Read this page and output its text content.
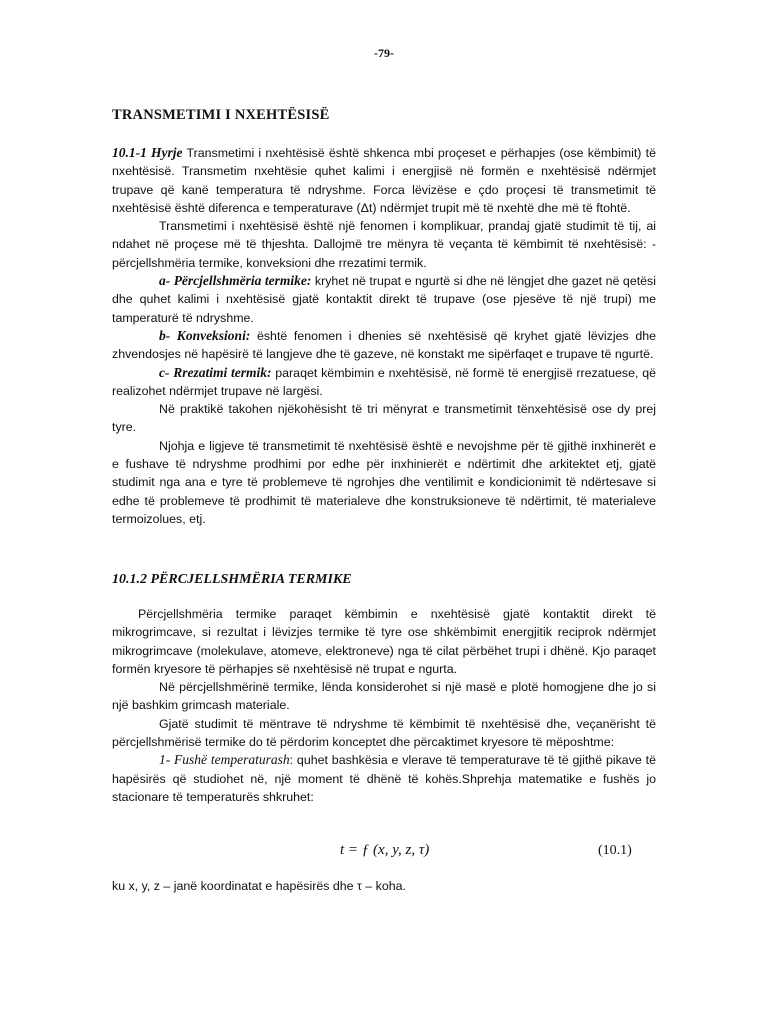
-79-
TRANSMETIMI I NXEHTËSISË

10.1-1 Hyrje Transmetimi i nxehtësisë është shkenca mbi proçeset e përhapjes (ose këmbimit) të nxehtësisë. Transmetim nxehtësie quhet kalimi i energjisë në formën e nxehtësisë ndërmjet trupave që kanë temperatura të ndryshme. Forca lëvizëse e çdo proçesi të transmetimit të nxehtësisë është diferenca e temperaturave (Δt) ndërmjet trupit më të nxehtë dhe më të ftohtë.

Transmetimi i nxehtësisë është një fenomen i komplikuar, prandaj gjatë studimit të tij, ai ndahet në proçese më të thjeshta. Dallojmë tre mënyra të veçanta të këmbimit të nxehtësisë: - përcjellshmëria termike, konveksioni dhe rrezatimi termik.

a- Përcjellshmëria termike: kryhet në trupat e ngurtë si dhe në lëngjet dhe gazet në qetësi dhe quhet kalimi i nxehtësisë gjatë kontaktit direkt të trupave (ose pjesëve të një trupi) me tamperaturë të ndryshme.

b- Konveksioni: është fenomen i dhenies së nxehtësisë që kryhet gjatë lëvizjes dhe zhvendosjes në hapësirë të langjeve dhe të gazeve, në konstakt me sipërfaqet e trupave të ngurtë.

c- Rrezatimi termik: paraqet këmbimin e nxehtësisë, në formë të energjisë rrezatuese, që realizohet ndërmjet trupave në largësi.

Në praktikë takohen njëkohësisht të tri mënyrat e transmetimit tënxehtësisë ose dy prej tyre.

Njohja e ligjeve të transmetimit të nxehtësisë është e nevojshme për të gjithë inxhinerët e e fushave të ndryshme prodhimi por edhe për inxhinierët e ndërtimit dhe arkitektet etj, gjatë studimit nga ana e tyre të problemeve të ngrohjes dhe ventilimit e kondicionimit të ndërtesave si edhe të problemeve të prodhimit të materialeve dhe konstruksioneve të ndërtimit, të materialeve termoizolues, etj.

10.1.2 PËRCJELLSHMËRIA TERMIKE

Përcjellshmëria termike paraqet këmbimin e nxehtësisë gjatë kontaktit direkt të mikrogrimcave, si rezultat i lëvizjes termike të tyre ose shkëmbimit energjitik reciprok ndërmjet mikrogrimcave (molekulave, atomeve, elektroneve) nga të cilat përbëhet trupi i dhënë. Kjo paraqet formën kryesore të përhapjes së nxehtësisë në trupat e ngurta.

Në përcjellshmërinë termike, lënda konsiderohet si një masë e plotë homogjene dhe jo si një bashkim grimcash materiale.

Gjatë studimit të mëntrave të ndryshme të këmbimit të nxehtësisë dhe, veçanërisht të përcjellshmërisë termike do të përdorim konceptet dhe përcaktimet kryesore të mëposhtme:

1- Fushë temperaturash: quhet bashkësia e vlerave të temperaturave të të gjithë pikave të hapësirës që studiohet në, një moment të dhënë të kohës.Shprehja matematike e fushës jo stacionare të temperaturës shkruhet:

t = ƒ (x, y, z, τ)	(10.1)
ku x, y, z – janë koordinatat e hapësirës dhe τ – koha.
